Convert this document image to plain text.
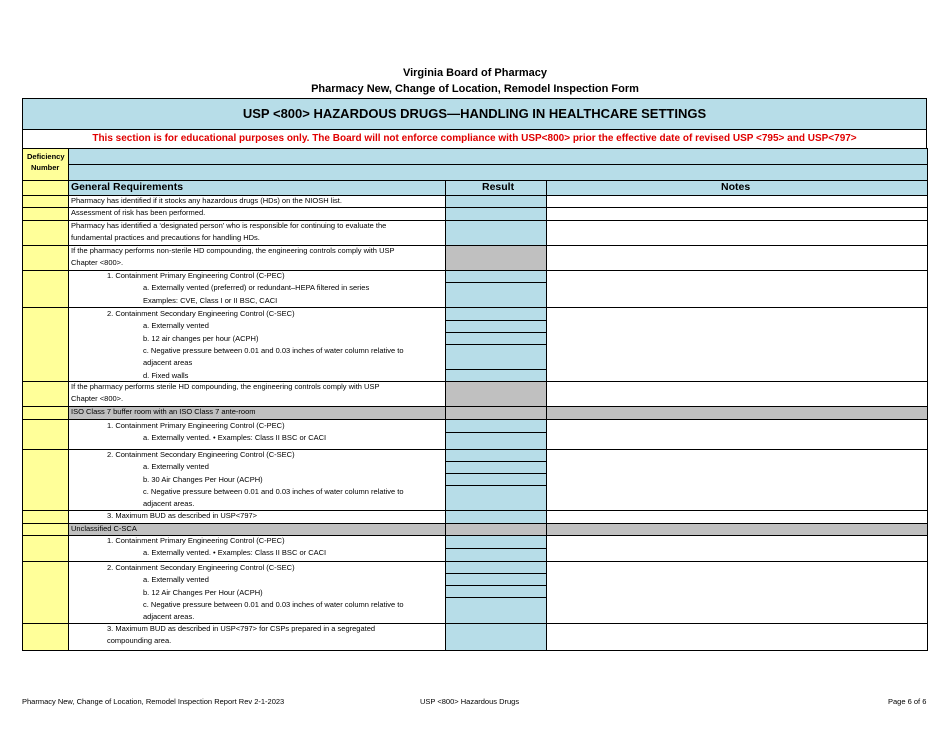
Virginia Board of Pharmacy
Pharmacy New, Change of Location, Remodel Inspection Form
USP <800> HAZARDOUS DRUGS—HANDLING IN HEALTHCARE SETTINGS
This section is for educational purposes only. The Board will not enforce compliance with USP<800> prior the effective date of revised USP <795> and USP<797>
Deficiency
Number
General Requirements	Result	Notes
Pharmacy has identified if it stocks any hazardous drugs (HDs) on the NIOSH list.
Assessment of risk has been performed.
Pharmacy has identified a ‘designated person’ who is responsible for continuing to evaluate the
fundamental practices and precautions for handling HDs.
If the pharmacy performs non-sterile HD compounding, the engineering controls comply with USP
Chapter <800>.
1. Containment Primary Engineering Control (C-PEC)
a. Externally vented (preferred) or redundant–HEPA filtered in series
Examples: CVE, Class I or II BSC, CACI
2. Containment Secondary Engineering Control (C-SEC)
a. Externally vented
b. 12 air changes per hour (ACPH)
c. Negative pressure between 0.01 and 0.03 inches of water column relative to
adjacent areas
d. Fixed walls
If the pharmacy performs sterile HD compounding, the engineering controls comply with USP
Chapter <800>.
ISO Class 7 buffer room with an ISO Class 7 ante-room
1. Containment Primary Engineering Control (C-PEC)
a. Externally vented. • Examples: Class II BSC or CACI
2. Containment Secondary Engineering Control (C-SEC)
a. Externally vented
b. 30 Air Changes Per Hour (ACPH)
c. Negative pressure between 0.01 and 0.03 inches of water column relative to
adjacent areas.
3. Maximum BUD as described in USP<797>
Unclassified C-SCA
1. Containment Primary Engineering Control (C-PEC)
a. Externally vented. • Examples: Class II BSC or CACI
2. Containment Secondary Engineering Control (C-SEC)
a. Externally vented
b. 12 Air Changes Per Hour (ACPH)
c. Negative pressure between 0.01 and 0.03 inches of water column relative to
adjacent areas.
3. Maximum BUD as described in USP<797> for CSPs prepared in a segregated
compounding area.
Pharmacy New, Change of Location, Remodel Inspection Report Rev 2-1-2023	USP <800> Hazardous Drugs	Page 6 of 6
